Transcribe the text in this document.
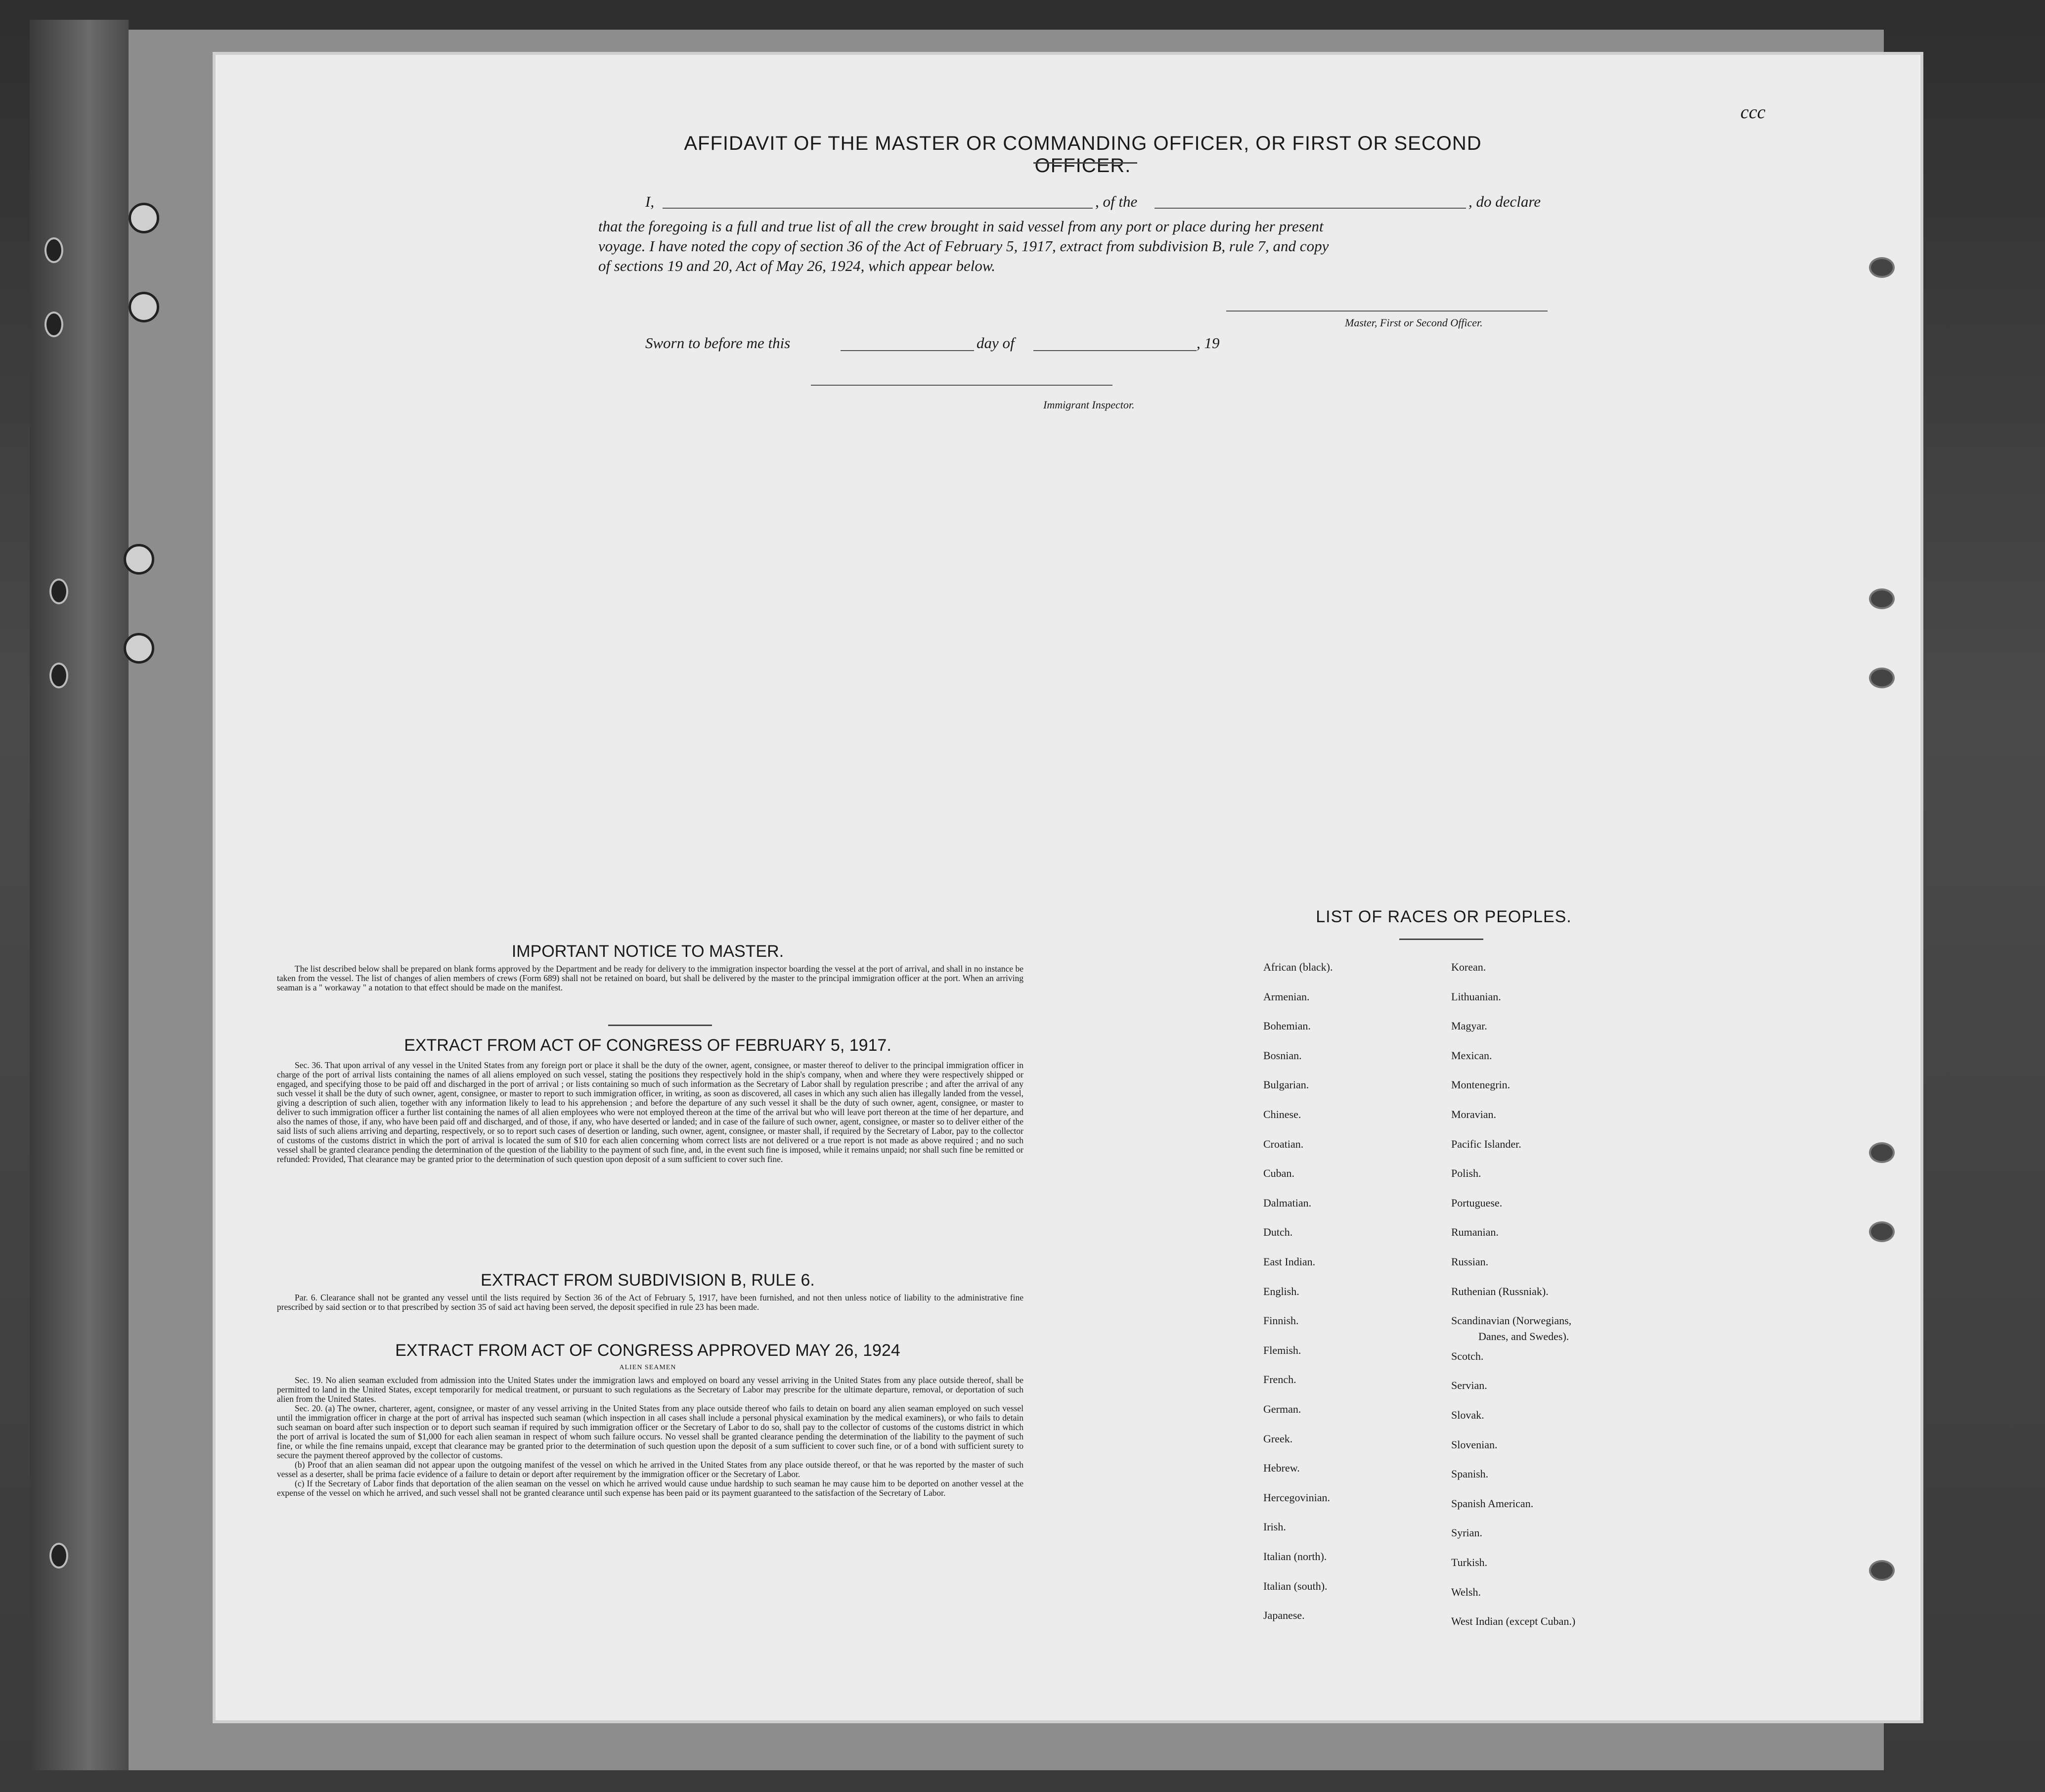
ccc
AFFIDAVIT OF THE MASTER OR COMMANDING OFFICER, OR FIRST OR SECOND OFFICER.
I,	, of the	, do declare
that the foregoing is a full and true list of all the crew brought in said vessel from any port or place during her present
voyage. I have noted the copy of section 36 of the Act of February 5, 1917, extract from subdivision B, rule 7, and copy
of sections 19 and 20, Act of May 26, 1924, which appear below.
Master, First or Second Officer.
Sworn to before me this	day of	, 19
Immigrant Inspector.
IMPORTANT NOTICE TO MASTER.

The list described below shall be prepared on blank forms approved by the Department and be ready for delivery to the immigration inspector boarding the vessel at the port of arrival, and shall in no instance be taken from the vessel. The list of changes of alien members of crews (Form 689) shall not be retained on board, but shall be delivered by the master to the principal immigration officer at the port. When an arriving seaman is a " workaway " a notation to that effect should be made on the manifest.

EXTRACT FROM ACT OF CONGRESS OF FEBRUARY 5, 1917.

Sec. 36. That upon arrival of any vessel in the United States from any foreign port or place it shall be the duty of the owner, agent, consignee, or master thereof to deliver to the principal immigration officer in charge of the port of arrival lists containing the names of all aliens employed on such vessel, stating the positions they respectively hold in the ship's company, when and where they were respectively shipped or engaged, and specifying those to be paid off and discharged in the port of arrival ; or lists containing so much of such information as the Secretary of Labor shall by regulation prescribe ; and after the arrival of any such vessel it shall be the duty of such owner, agent, consignee, or master to report to such immigration officer, in writing, as soon as discovered, all cases in which any such alien has illegally landed from the vessel, giving a description of such alien, together with any information likely to lead to his apprehension ; and before the departure of any such vessel it shall be the duty of such owner, agent, consignee, or master to deliver to such immigration officer a further list containing the names of all alien employees who were not employed thereon at the time of the arrival but who will leave port thereon at the time of her departure, and also the names of those, if any, who have been paid off and discharged, and of those, if any, who have deserted or landed; and in case of the failure of such owner, agent, consignee, or master so to deliver either of the said lists of such aliens arriving and departing, respectively, or so to report such cases of desertion or landing, such owner, agent, consignee, or master shall, if required by the Secretary of Labor, pay to the collector of customs of the customs district in which the port of arrival is located the sum of $10 for each alien concerning whom correct lists are not delivered or a true report is not made as above required ; and no such vessel shall be granted clearance pending the determination of the question of the liability to the payment of such fine, and, in the event such fine is imposed, while it remains unpaid; nor shall such fine be remitted or refunded: Provided, That clearance may be granted prior to the determination of such question upon deposit of a sum sufficient to cover such fine.

EXTRACT FROM SUBDIVISION B, RULE 6.

Par. 6. Clearance shall not be granted any vessel until the lists required by Section 36 of the Act of February 5, 1917, have been furnished, and not then unless notice of liability to the administrative fine prescribed by said section or to that prescribed by section 35 of said act having been served, the deposit specified in rule 23 has been made.

EXTRACT FROM ACT OF CONGRESS APPROVED MAY 26, 1924
ALIEN SEAMEN

Sec. 19. No alien seaman excluded from admission into the United States under the immigration laws and employed on board any vessel arriving in the United States from any place outside thereof, shall be permitted to land in the United States, except temporarily for medical treatment, or pursuant to such regulations as the Secretary of Labor may prescribe for the ultimate departure, removal, or deportation of such alien from the United States.

Sec. 20. (a) The owner, charterer, agent, consignee, or master of any vessel arriving in the United States from any place outside thereof who fails to detain on board any alien seaman employed on such vessel until the immigration officer in charge at the port of arrival has inspected such seaman (which inspection in all cases shall include a personal physical examination by the medical examiners), or who fails to detain such seaman on board after such inspection or to deport such seaman if required by such immigration officer or the Secretary of Labor to do so, shall pay to the collector of customs of the customs district in which the port of arrival is located the sum of $1,000 for each alien seaman in respect of whom such failure occurs. No vessel shall be granted clearance pending the determination of the liability to the payment of such fine, or while the fine remains unpaid, except that clearance may be granted prior to the determination of such question upon the deposit of a sum sufficient to cover such fine, or of a bond with sufficient surety to secure the payment thereof approved by the collector of customs.

(b) Proof that an alien seaman did not appear upon the outgoing manifest of the vessel on which he arrived in the United States from any place outside thereof, or that he was reported by the master of such vessel as a deserter, shall be prima facie evidence of a failure to detain or deport after requirement by the immigration officer or the Secretary of Labor.

(c) If the Secretary of Labor finds that deportation of the alien seaman on the vessel on which he arrived would cause undue hardship to such seaman he may cause him to be deported on another vessel at the expense of the vessel on which he arrived, and such vessel shall not be granted clearance until such expense has been paid or its payment guaranteed to the satisfaction of the Secretary of Labor.

LIST OF RACES OR PEOPLES.
African (black).
Armenian.
Bohemian.
Bosnian.
Bulgarian.
Chinese.
Croatian.
Cuban.
Dalmatian.
Dutch.
East Indian.
English.
Finnish.
Flemish.
French.
German.
Greek.
Hebrew.
Hercegovinian.
Irish.
Italian (north).
Italian (south).
Japanese.
Korean.
Lithuanian.
Magyar.
Mexican.
Montenegrin.
Moravian.
Pacific Islander.
Polish.
Portuguese.
Rumanian.
Russian.
Ruthenian (Russniak).
Scandinavian (Norwegians,
Scotch.
Servian.
Slovak.
Slovenian.
Spanish.
Spanish American.
Syrian.
Turkish.
Welsh.
West Indian (except Cuban.)
Danes, and Swedes).
